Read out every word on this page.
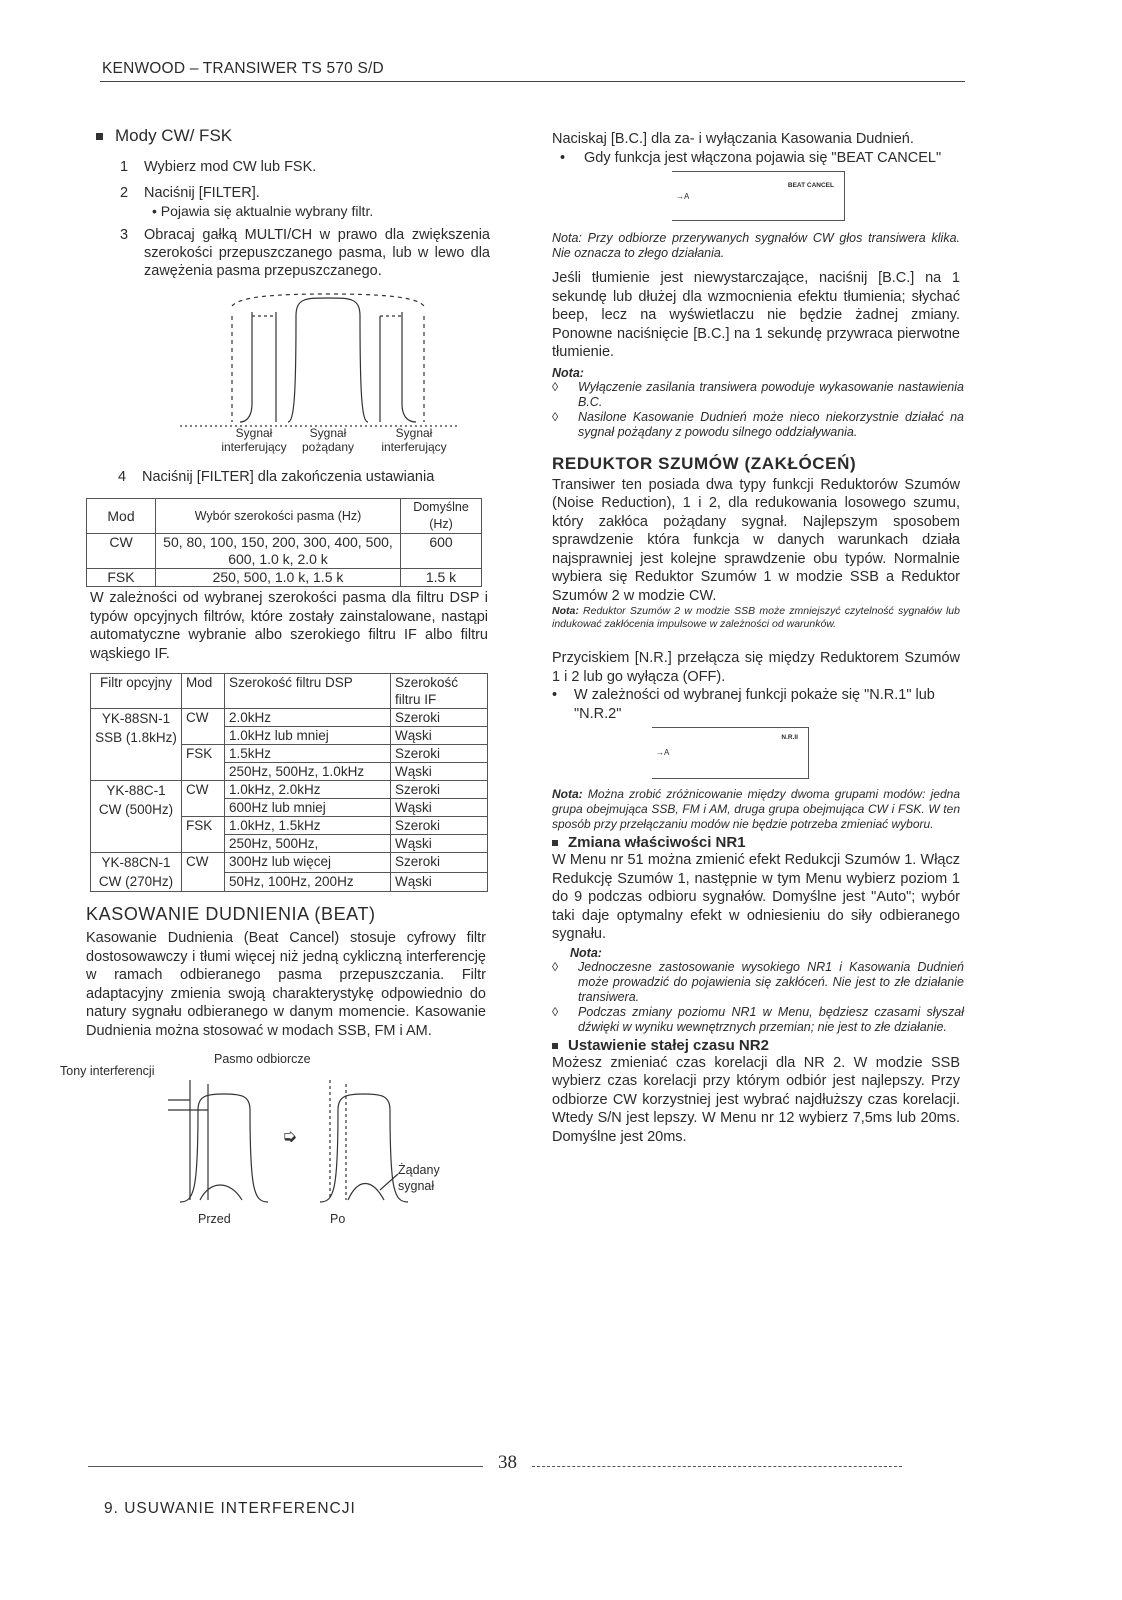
KENWOOD – TRANSIWER TS 570 S/D
Mody CW/ FSK
1	Wybierz mod CW lub FSK.
2	Naciśnij [FILTER].
• Pojawia się aktualnie wybrany filtr.
3	Obracaj gałką MULTI/CH w prawo dla zwiększenia szerokości przepuszczanego pasma, lub w lewo dla zawężenia pasma przepuszczanego.
Sygnał
interferujący
Sygnał
pożądany
Sygnał
interferujący
4	Naciśnij [FILTER] dla zakończenia ustawiania
Mod	Wybór szerokości pasma (Hz)	Domyślne (Hz)
CW	50, 80, 100, 150, 200, 300, 400, 500, 600, 1.0 k, 2.0 k	600
FSK	250, 500, 1.0 k, 1.5 k	1.5 k

W zależności od wybranej szerokości pasma dla filtru DSP i typów opcyjnych filtrów, które zostały zainstalowane, nastąpi automatyczne wybranie albo szerokiego filtru IF albo filtru wąskiego IF.

Filtr opcyjny	Mod	Szerokość filtru DSP	Szerokość filtru IF
YK-88SN-1 SSB (1.8kHz)	CW	2.0kHz	Szeroki
		1.0kHz lub mniej	Wąski
	FSK	1.5kHz	Szeroki
		250Hz, 500Hz, 1.0kHz	Wąski
YK-88C-1 CW (500Hz)	CW	1.0kHz, 2.0kHz	Szeroki
		600Hz lub mniej	Wąski
	FSK	1.0kHz, 1.5kHz	Szeroki
		250Hz, 500Hz,	Wąski
YK-88CN-1 CW (270Hz)	CW	300Hz lub więcej	Szeroki
		50Hz, 100Hz, 200Hz	Wąski
KASOWANIE DUDNIENIA (BEAT)

Kasowanie Dudnienia (Beat Cancel) stosuje cyfrowy filtr dostosowawczy i tłumi więcej niż jedną cykliczną interferencję w ramach odbieranego pasma przepuszczania. Filtr adaptacyjny zmienia swoją charakterystykę odpowiednio do natury sygnału odbieranego w danym momencie. Kasowanie Dudnienia można stosować w modach SSB, FM i AM.

Tony interferencji
Pasmo odbiorcze
➭
Żądany
sygnał
Przed	Po

Naciskaj [B.C.] dla za- i wyłączania Kasowania Dudnień.

•	Gdy funkcja jest włączona pojawia się "BEAT CANCEL"
→A
BEAT CANCEL

Nota: Przy odbiorze przerywanych sygnałów CW głos transiwera klika. Nie oznacza to złego działania.

Jeśli tłumienie jest niewystarczające, naciśnij [B.C.] na 1 sekundę lub dłużej dla wzmocnienia efektu tłumienia; słychać beep, lecz na wyświetlaczu nie będzie żadnej zmiany. Ponowne naciśnięcie [B.C.] na 1 sekundę przywraca pierwotne tłumienie.

Nota:
◊	Wyłączenie zasilania transiwera powoduje wykasowanie nastawienia B.C.
◊	Nasilone Kasowanie Dudnień może nieco niekorzystnie działać na sygnał pożądany z powodu silnego oddziaływania.
REDUKTOR SZUMÓW (ZAKŁÓCEŃ)

Transiwer ten posiada dwa typy funkcji Reduktorów Szumów (Noise Reduction), 1 i 2, dla redukowania losowego szumu, który zakłóca pożądany sygnał. Najlepszym sposobem sprawdzenie która funkcja w danych warunkach działa najsprawniej jest kolejne sprawdzenie obu typów. Normalnie wybiera się Reduktor Szumów 1 w modzie SSB a Reduktor Szumów 2 w modzie CW.

Nota: Reduktor Szumów 2 w modzie SSB może zmniejszyć czytelność sygnałów lub indukować zakłócenia impulsowe w zależności od warunków.

Przyciskiem [N.R.] przełącza się między Reduktorem Szumów 1 i 2 lub go wyłącza (OFF).

•	W zależności od wybranej funkcji pokaże się "N.R.1" lub "N.R.2"
→A
N.R.II

Nota: Można zrobić zróżnicowanie między dwoma grupami modów: jedna grupa obejmująca SSB, FM i AM, druga grupa obejmująca CW i FSK. W ten sposób przy przełączaniu modów nie będzie potrzeba zmieniać wyboru.

Zmiana właściwości NR1

W Menu nr 51 można zmienić efekt Redukcji Szumów 1. Włącz Redukcję Szumów 1, następnie w tym Menu wybierz poziom 1 do 9 podczas odbioru sygnałów. Domyślne jest "Auto"; wybór taki daje optymalny efekt w odniesieniu do siły odbieranego sygnału.

Nota:
◊	Jednoczesne zastosowanie wysokiego NR1 i Kasowania Dudnień może prowadzić do pojawienia się zakłóceń. Nie jest to złe działanie transiwera.
◊	Podczas zmiany poziomu NR1 w Menu, będziesz czasami słyszał dźwięki w wyniku wewnętrznych przemian; nie jest to złe działanie.
Ustawienie stałej czasu NR2

Możesz zmieniać czas korelacji dla NR 2. W modzie SSB wybierz czas korelacji przy którym odbiór jest najlepszy. Przy odbiorze CW korzystniej jest wybrać najdłuższy czas korelacji. Wtedy S/N jest lepszy. W Menu nr 12 wybierz 7,5ms lub 20ms. Domyślne jest 20ms.

38
9. USUWANIE INTERFERENCJI
